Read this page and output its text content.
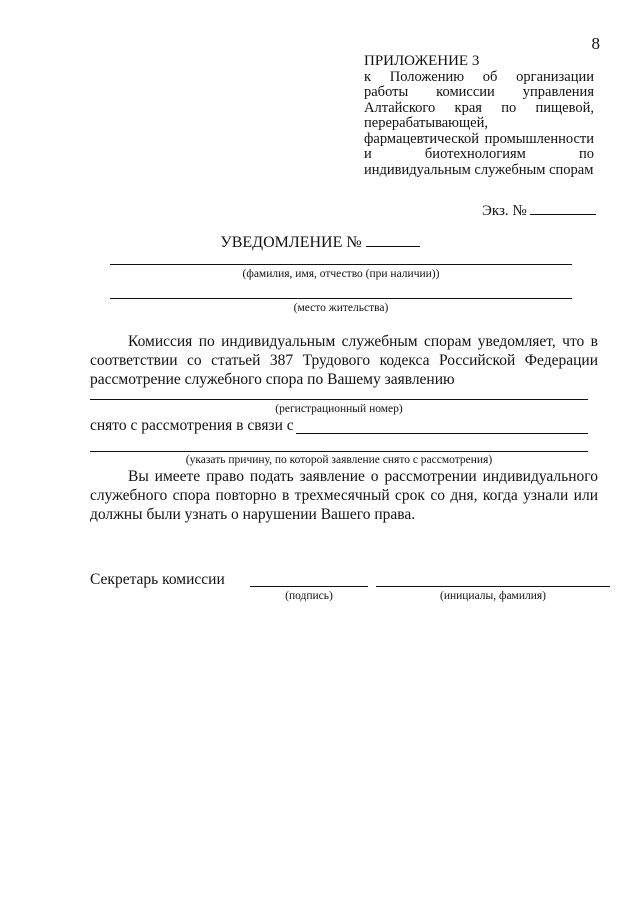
8
ПРИЛОЖЕНИЕ 3
к Положению об организации работы комиссии управления Алтайского края по пищевой, перерабатывающей, фармацевтической промышленности и биотехнологиям по индивидуальным служебным спорам
Экз. №
УВЕДОМЛЕНИЕ №
(фамилия, имя, отчество (при наличии))
(место жительства)
Комиссия по индивидуальным служебным спорам уведомляет, что в соответствии со статьей 387 Трудового кодекса Российской Федерации рассмотрение служебного спора по Вашему заявлению
(регистрационный номер)
снято с рассмотрения в связи с
(указать причину, по которой заявление снято с рассмотрения)
Вы имеете право подать заявление о рассмотрении индивидуального служебного спора повторно в трехмесячный срок со дня, когда узнали или должны были узнать о нарушении Вашего права.
Секретарь комиссии
(подпись)	(инициалы, фамилия)
